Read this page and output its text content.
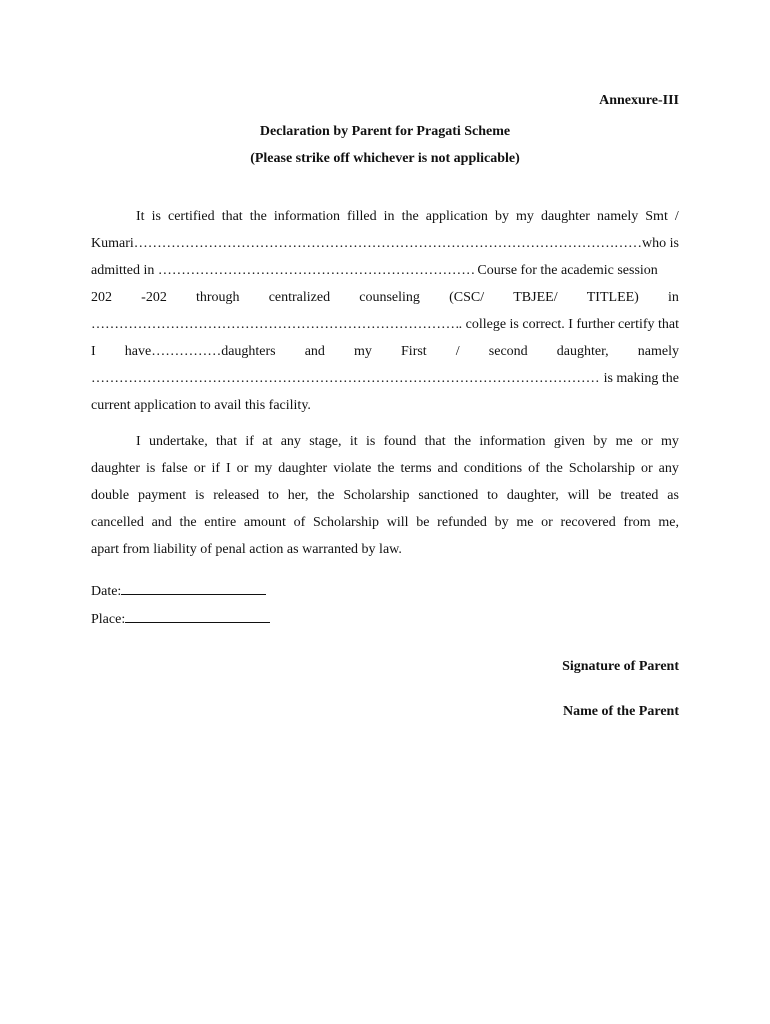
Annexure-III
Declaration by Parent for Pragati Scheme
(Please strike off whichever is not applicable)
It is certified that the information filled in the application by my daughter namely Smt /
Kumari …………………………………………………………………………………………………………………………………………………………………	……who is
admitted in …………………………………………………………………………………………………………………………………………………………………	Course for the academic session
202 -202 through centralized counseling (CSC/ TBJEE/ TITLEE) in
…………………………………………………………………………………………………………………………………………………………………
. college is correct. I further certify that
I have……………daughters and my First / second daughter, namely
…………………………………………………………………………………………………………………………………………………………………
is making the
current application to avail this facility.
I undertake, that if at any stage, it is found that the information given by me or my
daughter is false or if I or my daughter violate the terms and conditions of the Scholarship or any
double payment is released to her, the Scholarship sanctioned to daughter, will be treated as
cancelled and the entire amount of Scholarship will be refunded by me or recovered from me,
apart from liability of penal action as warranted by law.
Date:
Place:
Signature of Parent
Name of the Parent
